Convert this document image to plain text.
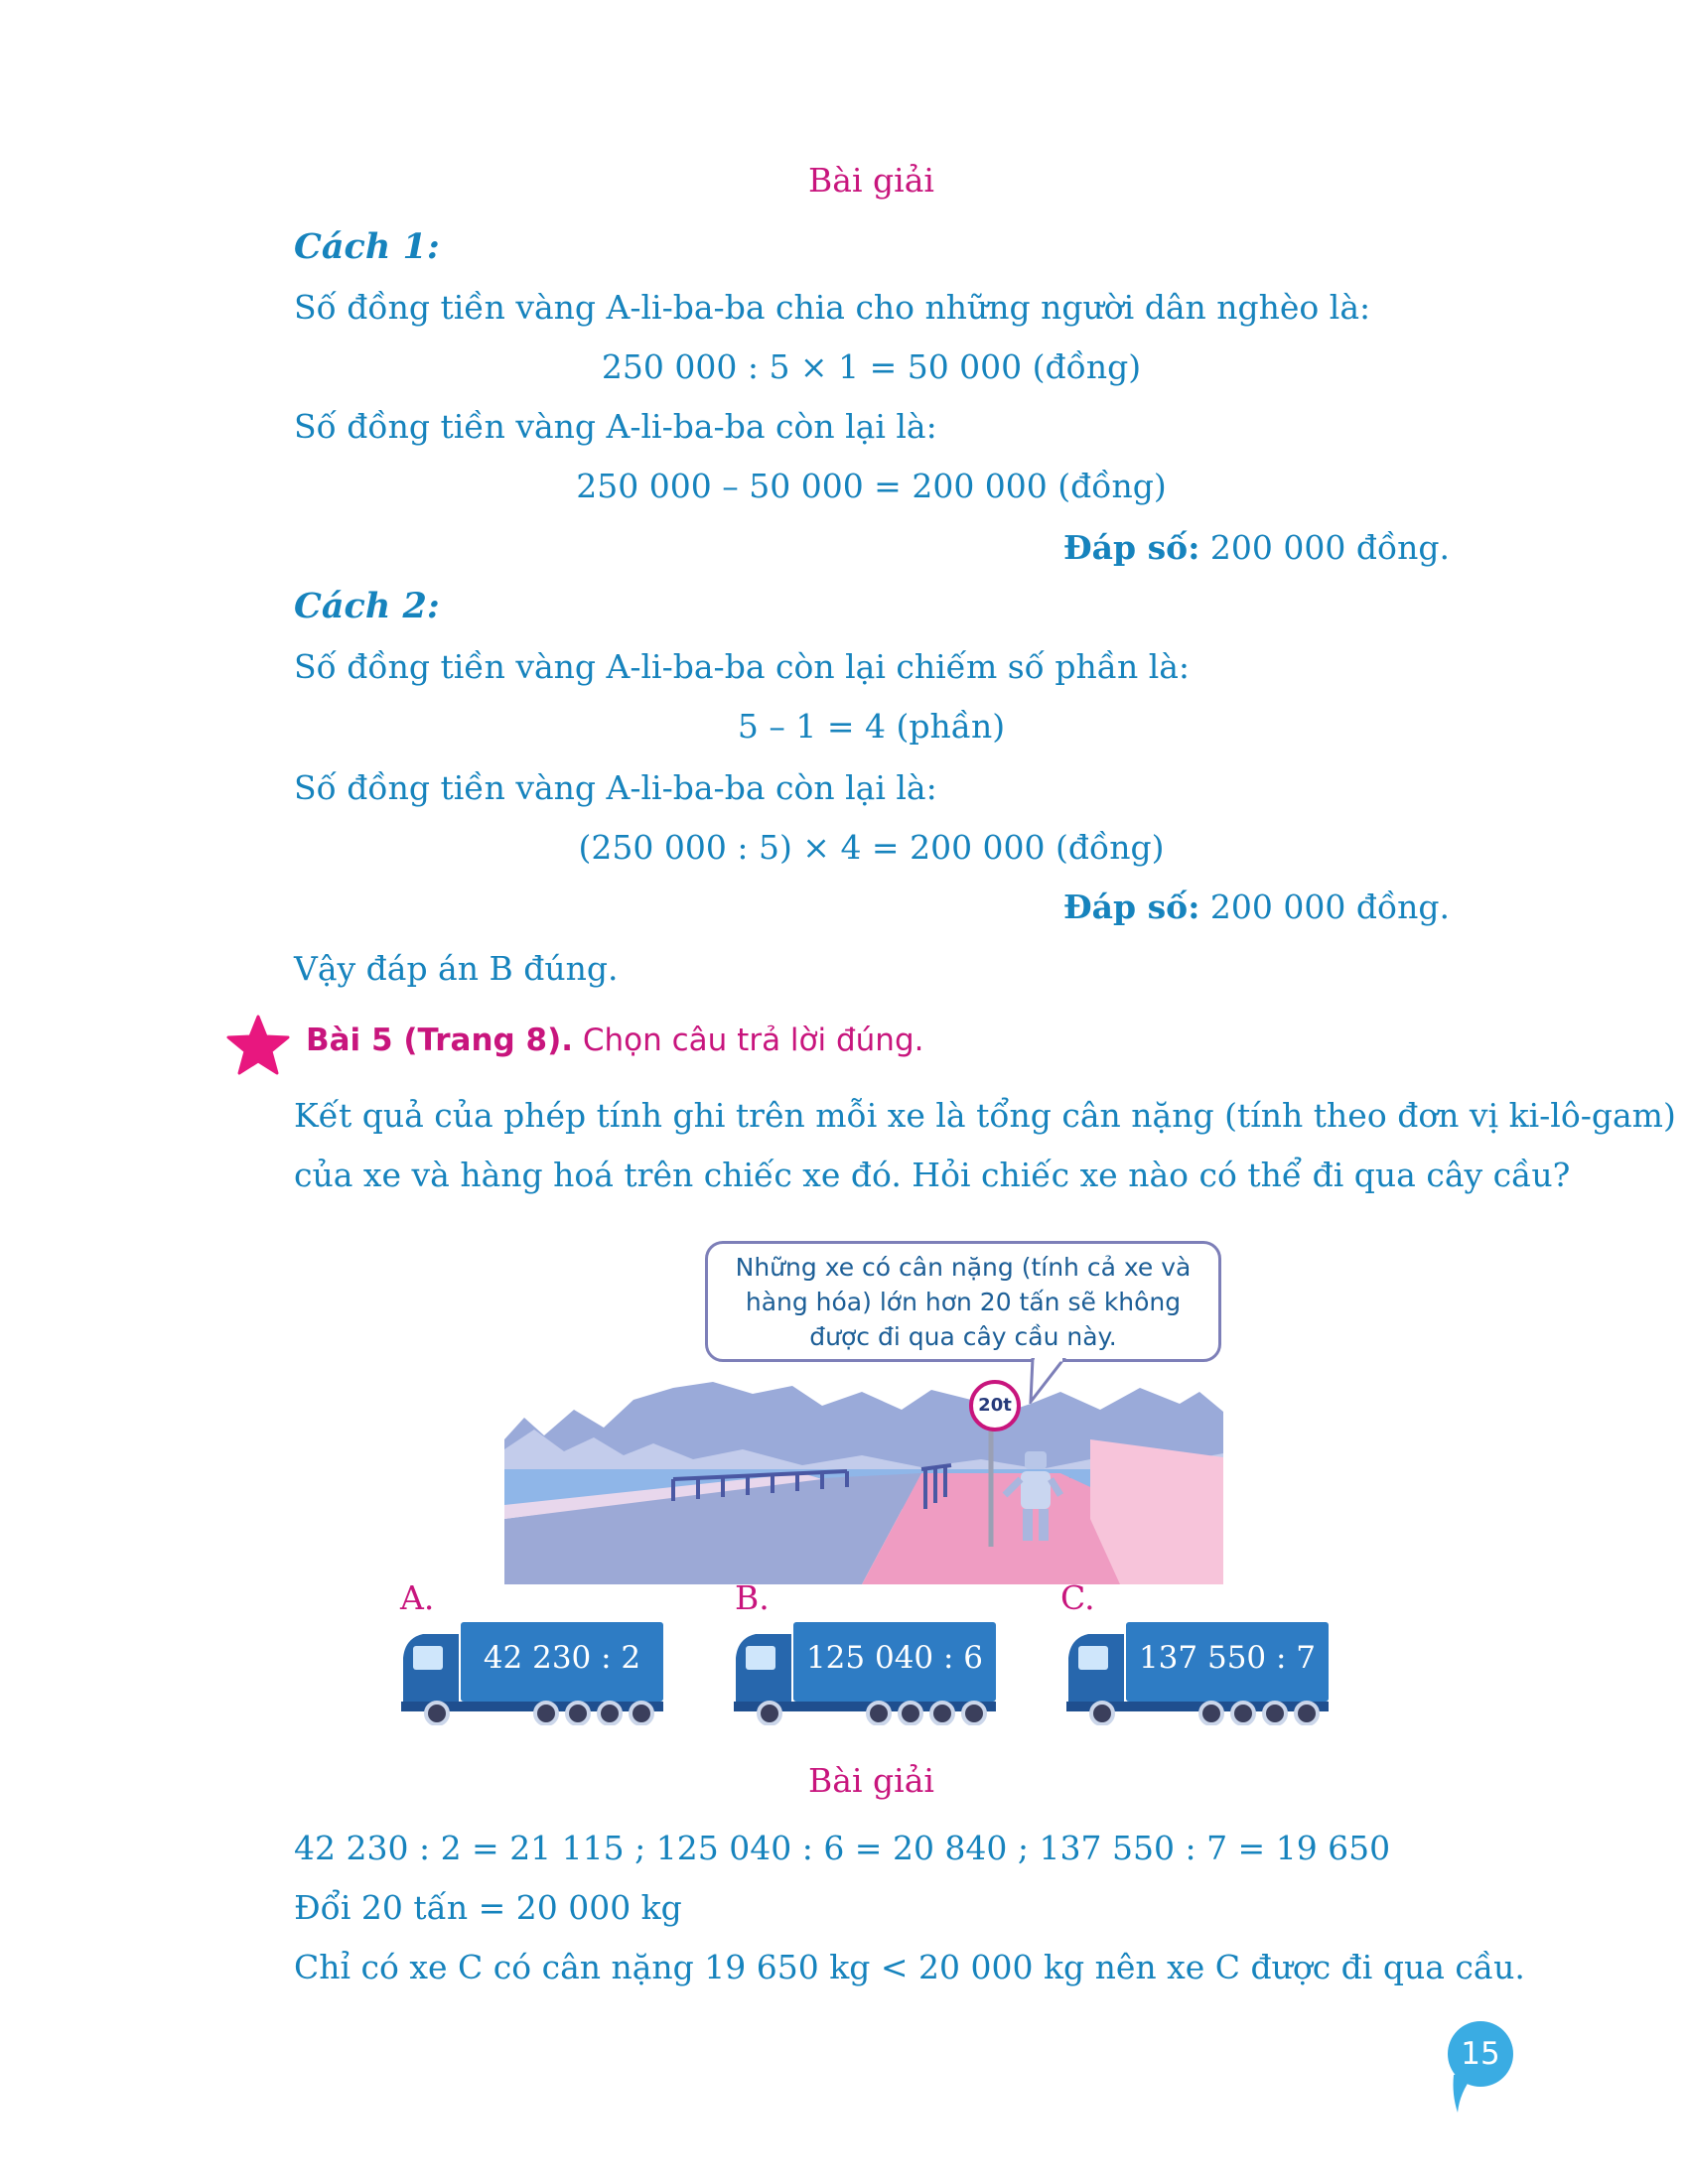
Bài giải
Cách 1:
Số đồng tiền vàng A-li-ba-ba chia cho những người dân nghèo là:
250 000 : 5 × 1 = 50 000 (đồng)
Số đồng tiền vàng A-li-ba-ba còn lại là:
250 000 – 50 000 = 200 000 (đồng)
Đáp số: 200 000 đồng.
Cách 2:
Số đồng tiền vàng A-li-ba-ba còn lại chiếm số phần là:
5 – 1 = 4 (phần)
Số đồng tiền vàng A-li-ba-ba còn lại là:
(250 000 : 5) × 4 = 200 000 (đồng)
Đáp số: 200 000 đồng.
Vậy đáp án B đúng.
Bài 5 (Trang 8). Chọn câu trả lời đúng.
Kết quả của phép tính ghi trên mỗi xe là tổng cân nặng (tính theo đơn vị ki-lô-gam)
của xe và hàng hoá trên chiếc xe đó. Hỏi chiếc xe nào có thể đi qua cây cầu?
Những xe có cân nặng (tính cả xe và
hàng hóa) lớn hơn 20 tấn sẽ không
được đi qua cây cầu này.
20t
A.	B.	C.
42 230 : 2	125 040 : 6	137 550 : 7
Bài giải
42 230 : 2 = 21 115 ; 125 040 : 6 = 20 840 ; 137 550 : 7 = 19 650
Đổi 20 tấn = 20 000 kg
Chỉ có xe C có cân nặng 19 650 kg < 20 000 kg nên xe C được đi qua cầu.
15
